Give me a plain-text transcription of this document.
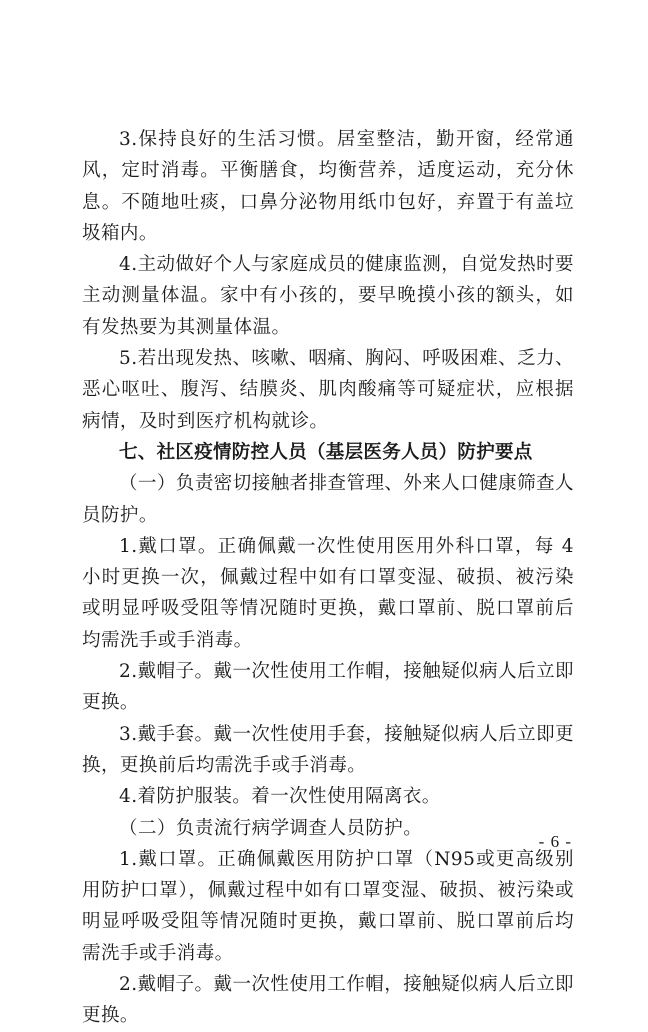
3.保持良好的生活习惯。居室整洁，勤开窗，经常通风，定时消毒。平衡膳食，均衡营养，适度运动，充分休息。不随地吐痰，口鼻分泌物用纸巾包好，弃置于有盖垃圾箱内。

4.主动做好个人与家庭成员的健康监测，自觉发热时要主动测量体温。家中有小孩的，要早晚摸小孩的额头，如有发热要为其测量体温。

5.若出现发热、咳嗽、咽痛、胸闷、呼吸困难、乏力、恶心呕吐、腹泻、结膜炎、肌肉酸痛等可疑症状，应根据病情，及时到医疗机构就诊。

七、社区疫情防控人员（基层医务人员）防护要点

（一）负责密切接触者排查管理、外来人口健康筛查人员防护。

1.戴口罩。正确佩戴一次性使用医用外科口罩，每 4 小时更换一次，佩戴过程中如有口罩变湿、破损、被污染或明显呼吸受阻等情况随时更换，戴口罩前、脱口罩前后均需洗手或手消毒。

2.戴帽子。戴一次性使用工作帽，接触疑似病人后立即更换。

3.戴手套。戴一次性使用手套，接触疑似病人后立即更换，更换前后均需洗手或手消毒。

4.着防护服装。着一次性使用隔离衣。

（二）负责流行病学调查人员防护。

1.戴口罩。正确佩戴医用防护口罩（N95或更高级别用防护口罩），佩戴过程中如有口罩变湿、破损、被污染或明显呼吸受阻等情况随时更换，戴口罩前、脱口罩前后均需洗手或手消毒。

2.戴帽子。戴一次性使用工作帽，接触疑似病人后立即更换。

- 6 -
